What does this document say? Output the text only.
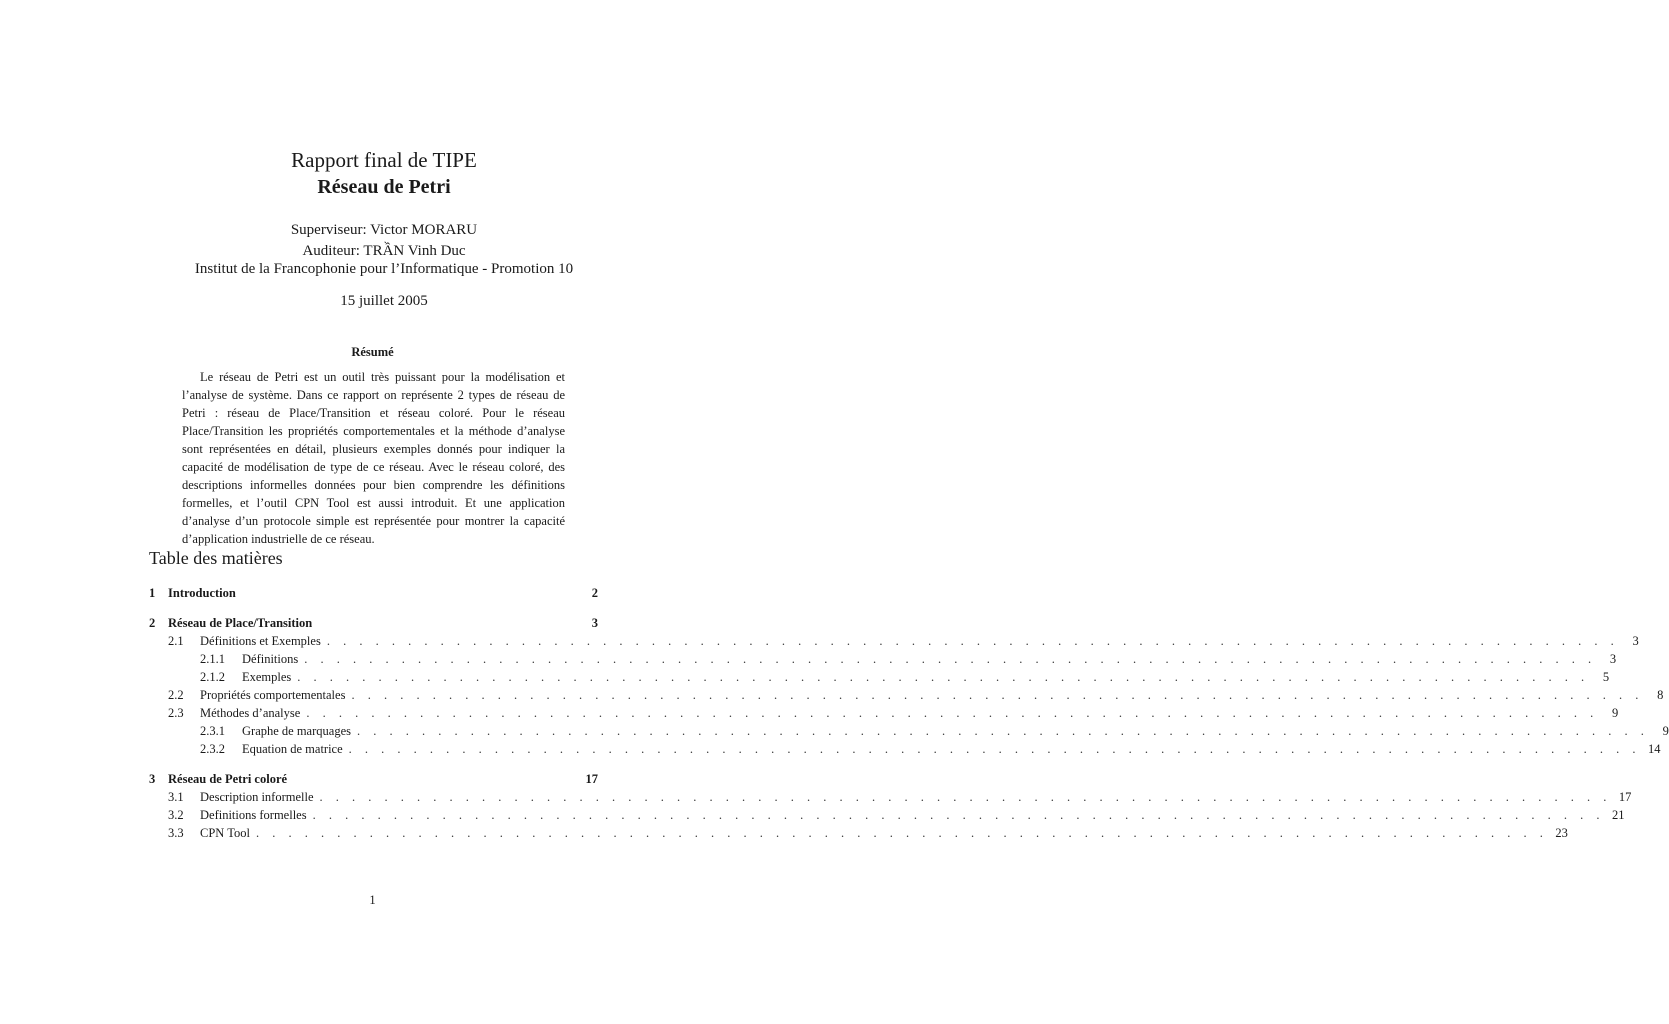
Rapport final de TIPE
Réseau de Petri
Superviseur: Victor MORARU
Auditeur: TRẦN Vinh Duc
Institut de la Francophonie pour l’Informatique - Promotion 10
15 juillet 2005
Résumé
Le réseau de Petri est un outil très puissant pour la modélisation et l’analyse de système. Dans ce rapport on représente 2 types de réseau de Petri : réseau de Place/Transition et réseau coloré. Pour le réseau Place/Transition les propriétés comportementales et la méthode d’analyse sont représentées en détail, plusieurs exemples donnés pour indiquer la capacité de modélisation de type de ce réseau. Avec le réseau coloré, des descriptions informelles données pour bien comprendre les définitions formelles, et l’outil CPN Tool est aussi introduit. Et une application d’analyse d’un protocole simple est représentée pour montrer la capacité d’application industrielle de ce réseau.
Table des matières
1	Introduction	2
2	Réseau de Place/Transition	3
2.1	Définitions et Exemples . . . . . . . . . . . . . . . . . . . . . . . . . . . . . . . . . . . . . . . . . . . . . . . . . . . . . . . . . . . . . . . . . . . . . . . . . . . . . . . .	3
2.1.1	Définitions . . . . . . . . . . . . . . . . . . . . . . . . . . . . . . . . . . . . . . . . . . . . . . . . . . . . . . . . . . . . . . . . . . . . . . . . . . . . . . . .	3
2.1.2	Exemples . . . . . . . . . . . . . . . . . . . . . . . . . . . . . . . . . . . . . . . . . . . . . . . . . . . . . . . . . . . . . . . . . . . . . . . . . . . . . . . .	5
2.2	Propriétés comportementales . . . . . . . . . . . . . . . . . . . . . . . . . . . . . . . . . . . . . . . . . . . . . . . . . . . . . . . . . . . . . . . . . . . . . . . . . . . . . . . .	8
2.3	Méthodes d’analyse . . . . . . . . . . . . . . . . . . . . . . . . . . . . . . . . . . . . . . . . . . . . . . . . . . . . . . . . . . . . . . . . . . . . . . . . . . . . . . . .	9
2.3.1	Graphe de marquages . . . . . . . . . . . . . . . . . . . . . . . . . . . . . . . . . . . . . . . . . . . . . . . . . . . . . . . . . . . . . . . . . . . . . . . . . . . . . . . .	9
2.3.2	Equation de matrice . . . . . . . . . . . . . . . . . . . . . . . . . . . . . . . . . . . . . . . . . . . . . . . . . . . . . . . . . . . . . . . . . . . . . . . . . . . . . . . . 14
3	Réseau de Petri coloré	17
3.1	Description informelle . . . . . . . . . . . . . . . . . . . . . . . . . . . . . . . . . . . . . . . . . . . . . . . . . . . . . . . . . . . . . . . . . . . . . . . . . . . . . . . . 17
3.2	Definitions formelles . . . . . . . . . . . . . . . . . . . . . . . . . . . . . . . . . . . . . . . . . . . . . . . . . . . . . . . . . . . . . . . . . . . . . . . . . . . . . . . . 21
3.3	CPN Tool . . . . . . . . . . . . . . . . . . . . . . . . . . . . . . . . . . . . . . . . . . . . . . . . . . . . . . . . . . . . . . . . . . . . . . . . . . . . . . . . 23
1
